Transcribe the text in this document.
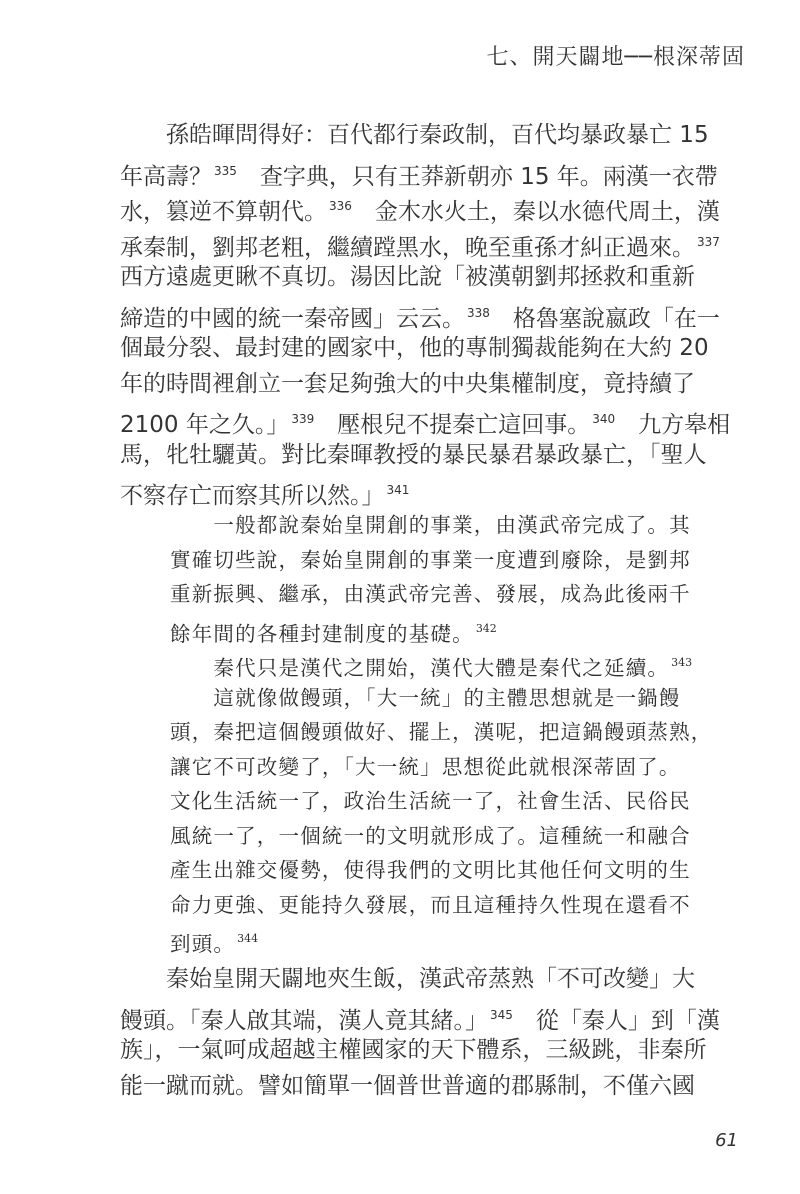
七、開天闢地──根深蒂固
　　孫皓暉問得好：百代都行秦政制，百代均暴政暴亡 15
年高壽？ $^{335}$　查字典，只有王莽新朝亦 15 年。兩漢一衣帶
水，篡逆不算朝代。 $^{336}$　金木水火土，秦以水德代周土，漢
承秦制，劉邦老粗，繼續蹚黑水，晚至重孫才糾正過來。 $^{337}$
西方遠處更瞅不真切。湯因比說「被漢朝劉邦拯救和重新
締造的中國的統一秦帝國」云云。 $^{338}$　格魯塞說嬴政「在一
個最分裂、最封建的國家中，他的專制獨裁能夠在大約 20
年的時間裡創立一套足夠強大的中央集權制度，竟持續了
2100 年之久。」 $^{339}$　壓根兒不提秦亡這回事。 $^{340}$　九方皋相
馬，牝牡驪黃。對比秦暉教授的暴民暴君暴政暴亡，「聖人
不察存亡而察其所以然。」 $^{341}$
　　一般都說秦始皇開創的事業，由漢武帝完成了。其
實確切些說，秦始皇開創的事業一度遭到廢除，是劉邦
重新振興、繼承，由漢武帝完善、發展，成為此後兩千
餘年間的各種封建制度的基礎。 $^{342}$
　　秦代只是漢代之開始，漢代大體是秦代之延續。 $^{343}$
　　這就像做饅頭，「大一統」的主體思想就是一鍋饅
頭，秦把這個饅頭做好、擺上，漢呢，把這鍋饅頭蒸熟，
讓它不可改變了，「大一統」思想從此就根深蒂固了。
文化生活統一了，政治生活統一了，社會生活、民俗民
風統一了，一個統一的文明就形成了。這種統一和融合
產生出雜交優勢，使得我們的文明比其他任何文明的生
命力更強、更能持久發展，而且這種持久性現在還看不
到頭。 $^{344}$
　　秦始皇開天闢地夾生飯，漢武帝蒸熟「不可改變」大
饅頭。「秦人啟其端，漢人竟其緒。」 $^{345}$　從「秦人」到「漢
族」，一氣呵成超越主權國家的天下體系，三級跳，非秦所
能一蹴而就。譬如簡單一個普世普適的郡縣制，不僅六國
61
